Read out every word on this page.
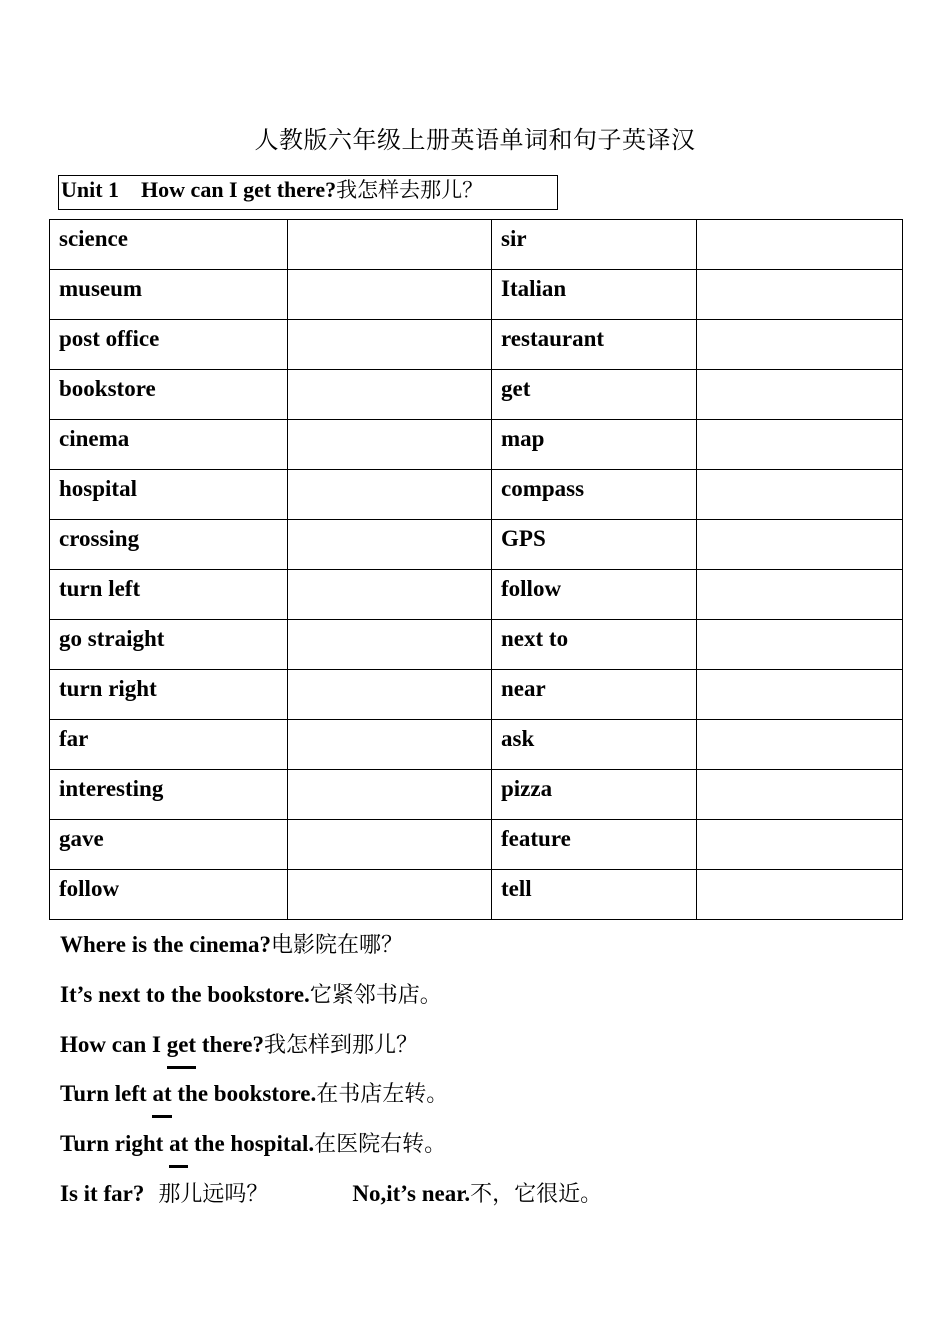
人教版六年级上册英语单词和句子英译汉
Unit 1    How can I get there?我怎样去那儿？
science		sir	
museum		Italian	
post office		restaurant	
bookstore		get	
cinema		map	
hospital		compass	
crossing		GPS	
turn left		follow	
go straight		next to	
turn right		near	
far		ask	
interesting		pizza	
gave		feature	
follow		tell	
Where is the cinema?电影院在哪？
It’s next to the bookstore.它紧邻书店。
How can I get there?我怎样到那儿？
Turn left at the bookstore.在书店左转。
Turn right at the hospital.在医院右转。
Is it far? 那儿远吗？	No,it’s near.不，它很近。
